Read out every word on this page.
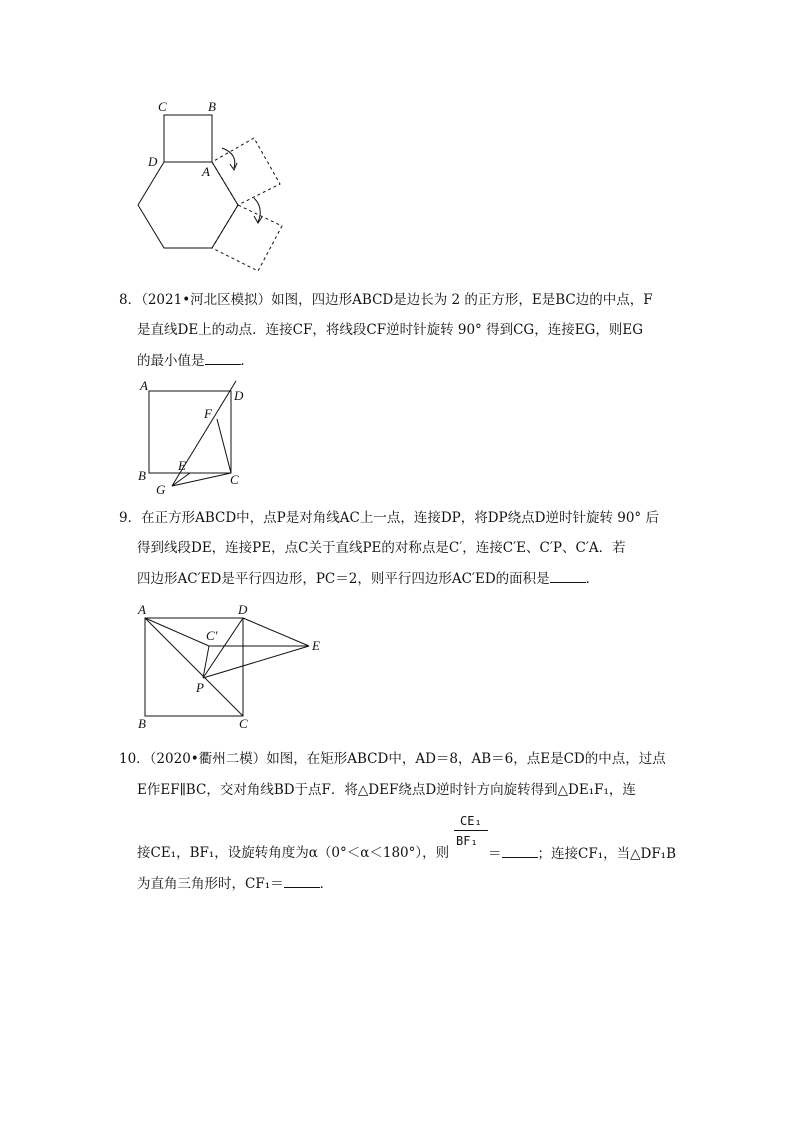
C	B
D
A
8．（2021•河北区模拟）如图，四边形ABCD是边长为 2 的正方形，E是BC边的中点，F
是直线DE上的动点．连接CF，将线段CF逆时针旋转 90° 得到CG，连接EG，则EG
的最小值是	．
A
D
F
E
B	C
G
9．在正方形ABCD中，点P是对角线AC上一点，连接DP，将DP绕点D逆时针旋转 90° 后
得到线段DE，连接PE，点C关于直线PE的对称点是C′，连接C′E、C′P、C′A．若
四边形AC′ED是平行四边形，PC＝2，则平行四边形AC′ED的面积是	．
A	D
C′
E
P
B	C
10．（2020•衢州二模）如图，在矩形ABCD中，AD＝8，AB＝6，点E是CD的中点，过点
E作EF∥BC，交对角线BD于点F．将△DEF绕点D逆时针方向旋转得到△DE₁F₁，连
CE₁
BF₁
接CE₁，BF₁，设旋转角度为α（0°＜α＜180°），则	＝	；连接CF₁，当△DF₁B
为直角三角形时，CF₁＝	．
